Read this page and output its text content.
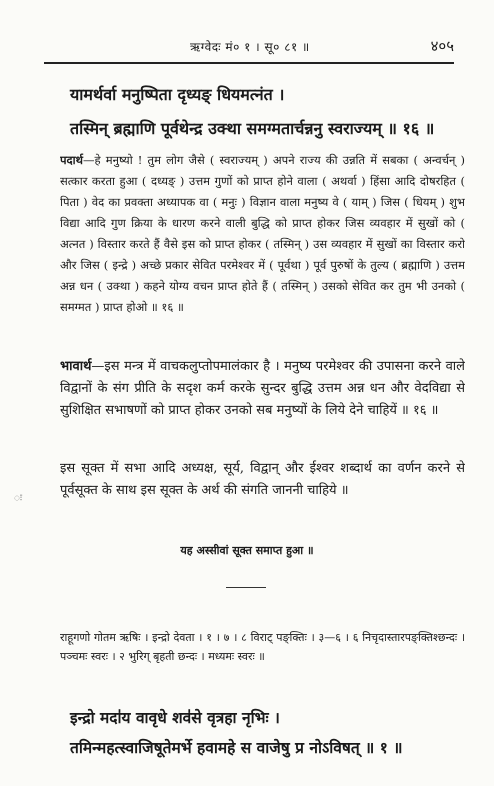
ऋग्वेदः मं० १ । सू० ८१ ॥	४०५
यामर्थर्वा मनुष्पिता दृध्यङ् धियमत्नंत ।
तस्मिन् ब्रह्माणि पूर्वथेन्द्र उक्था समग्मतार्चन्ननु स्वराज्यम् ॥ १६ ॥
पदार्थ—हे मनुष्यो ! तुम लोग जैसे ( स्वराज्यम् ) अपने राज्य की उन्नति में सबका ( अन्वर्चन् ) सत्कार करता हुआ ( दध्यङ् ) उत्तम गुणों को प्राप्त होने वाला ( अथर्वा ) हिंसा आदि दोषरहित ( पिता ) वेद का प्रवक्ता अध्यापक वा ( मनुः ) विज्ञान वाला मनुष्य वे ( याम् ) जिस ( धियम् ) शुभ विद्या आदि गुण क्रिया के धारण करने वाली बुद्धि को प्राप्त होकर जिस व्यवहार में सुखों को ( अत्नत ) विस्तार करते हैं वैसे इस को प्राप्त होकर ( तस्मिन् ) उस व्यवहार में सुखों का विस्तार करो और जिस ( इन्द्रे ) अच्छे प्रकार सेवित परमेश्वर में ( पूर्वथा ) पूर्व पुरुषों के तुल्य ( ब्रह्माणि ) उत्तम अन्न धन ( उक्था ) कहने योग्य वचन प्राप्त होते हैं ( तस्मिन् ) उसको सेवित कर तुम भी उनको ( समग्मत ) प्राप्त होओ ॥ १६ ॥
भावार्थ—इस मन्त्र में वाचकलुप्तोपमालंकार है । मनुष्य परमेश्वर की उपासना करने वाले विद्वानों के संग प्रीति के सदृश कर्म करके सुन्दर बुद्धि उत्तम अन्न धन और वेदविद्या से सुशिक्षित सभाषणों को प्राप्त होकर उनको सब मनुष्यों के लिये देने चाहियें ॥ १६ ॥
ः
इस सूक्त में सभा आदि अध्यक्ष, सूर्य, विद्वान् और ईश्वर शब्दार्थ का वर्णन करने से पूर्वसूक्त के साथ इस सूक्त के अर्थ की संगति जाननी चाहिये ॥
यह अस्सीवां सूक्त समाप्त हुआ ॥
राहूगणो गोतम ऋषिः । इन्द्रो देवता । १ । ७ । ८ विराट् पङ्क्तिः । ३—६ । ६ निचृदास्तारपङ्क्तिश्छन्दः । पञ्चमः स्वरः । २ भुरिग् बृहती छन्दः । मध्यमः स्वरः ॥
इन्द्रो मदा॑य वावृधे शव॑से वृत्रहा नृभिः ।
तमिन्महत्स्वाजिषूतेमर्भे हवामहे स वाजेषु प्र नोऽविषत् ॥ १ ॥
